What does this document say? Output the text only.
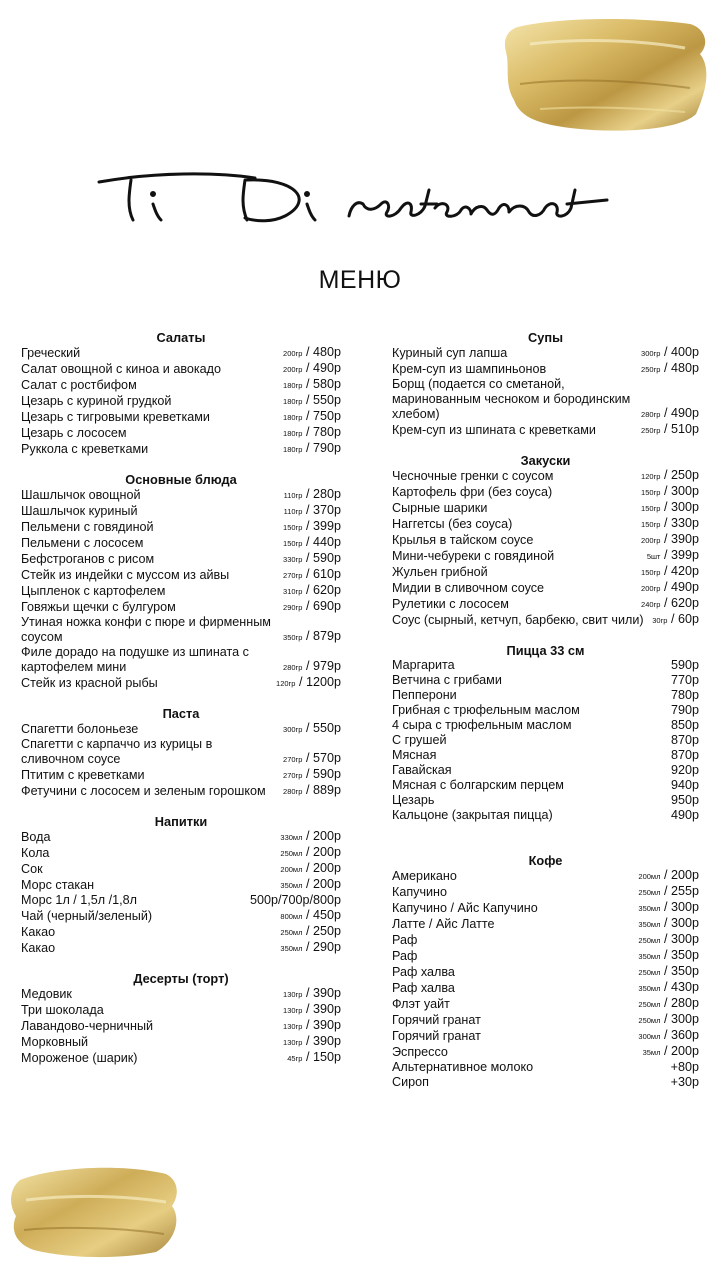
МЕНЮ
Салаты
Греческий	200гр / 480р
Салат овощной с киноа и авокадо	200гр / 490р
Салат с ростбифом	180гр / 580р
Цезарь с куриной грудкой	180гр / 550р
Цезарь с тигровыми креветками	180гр / 750р
Цезарь с лососем	180гр / 780р
Руккола с креветками	180гр / 790р
Основные блюда
Шашлычок овощной	110гр / 280р
Шашлычок куриный	110гр / 370р
Пельмени с говядиной	150гр / 399р
Пельмени с лососем	150гр / 440р
Бефстроганов с рисом	330гр / 590р
Стейк из индейки с муссом из айвы	270гр / 610р
Цыпленок с картофелем	310гр / 620р
Говяжьи щечки с булгуром	290гр / 690р
Утиная ножка конфи с пюре и фирменным соусом	350гр / 879р
Филе дорадо на подушке из шпината с картофелем мини	280гр / 979р
Стейк из красной рыбы	120гр / 1200р
Паста
Спагетти болоньезе	300гр / 550р
Спагетти с карпаччо из курицы в сливочном соусе	270гр / 570р
Птитим с креветками	270гр / 590р
Фетучини с лососем и зеленым горошком	280гр / 889р
Напитки
Вода	330мл / 200р
Кола	250мл / 200р
Сок	200мл / 200р
Морс стакан	350мл / 200р
Морс 1л / 1,5л /1,8л	500р/700р/800р
Чай (черный/зеленый)	800мл / 450р
Какао	250мл / 250р
Какао	350мл / 290р
Десерты (торт)
Медовик	130гр / 390р
Три шоколада	130гр / 390р
Лавандово-черничный	130гр / 390р
Морковный	130гр / 390р
Мороженое (шарик)	45гр / 150р
Супы
Куриный суп лапша	300гр / 400р
Крем-суп из шампиньонов	250гр / 480р
Борщ (подается со сметаной, маринованным чесноком и бородинским хлебом)	280гр / 490р
Крем-суп из шпината с креветками	250гр / 510р
Закуски
Чесночные гренки с соусом	120гр / 250р
Картофель фри (без соуса)	150гр / 300р
Сырные шарики	150гр / 300р
Наггетсы (без соуса)	150гр / 330р
Крылья в тайском соусе	200гр / 390р
Мини-чебуреки с говядиной	5шт / 399р
Жульен грибной	150гр / 420р
Мидии в сливочном соусе	200гр / 490р
Рулетики с лососем	240гр / 620р
Соус (сырный, кетчуп, барбекю, свит чили)	30гр / 60р
Пицца 33 см
Маргарита	590р
Ветчина с грибами	770р
Пепперони	780р
Грибная с трюфельным маслом	790р
4 сыра с трюфельным маслом	850р
С грушей	870р
Мясная	870р
Гавайская	920р
Мясная с болгарским перцем	940р
Цезарь	950р
Кальцоне (закрытая пицца)	490р
Кофе
Американо	200мл / 200р
Капучино	250мл / 255р
Капучино / Айс Капучино	350мл / 300р
Латте / Айс Латте	350мл / 300р
Раф	250мл / 300р
Раф	350мл / 350р
Раф халва	250мл / 350р
Раф халва	350мл / 430р
Флэт уайт	250мл / 280р
Горячий гранат	250мл / 300р
Горячий гранат	300мл / 360р
Эспрессо	35мл / 200р
Альтернативное молоко	+80р
Сироп	+30р
